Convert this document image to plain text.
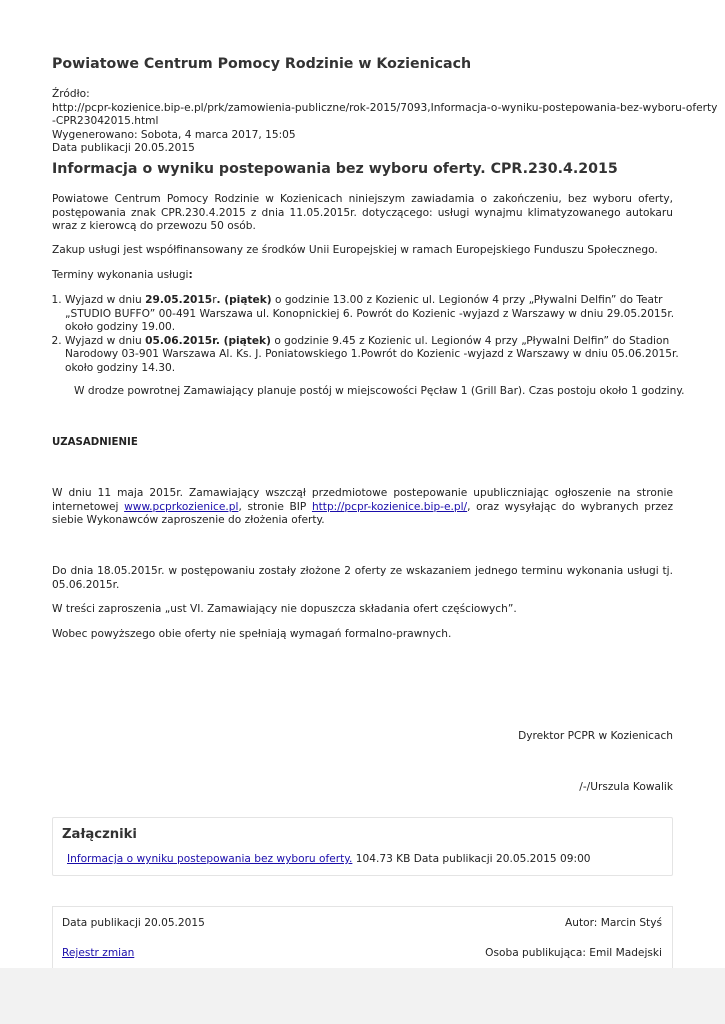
Powiatowe Centrum Pomocy Rodzinie w Kozienicach
Źródło:
http://pcpr-kozienice.bip-e.pl/prk/zamowienia-publiczne/rok-2015/7093,Informacja-o-wyniku-postepowania-bez-wyboru-oferty
-CPR23042015.html
Wygenerowano: Sobota, 4 marca 2017, 15:05
Data publikacji 20.05.2015
Informacja o wyniku postepowania bez wyboru oferty. CPR.230.4.2015

Powiatowe Centrum Pomocy Rodzinie w Kozienicach niniejszym zawiadamia o zakończeniu, bez wyboru oferty, postępowania znak CPR.230.4.2015 z dnia 11.05.2015r. dotyczącego: usługi wynajmu klimatyzowanego autokaru wraz z kierowcą do przewozu 50 osób.

Zakup usługi jest współfinansowany ze środków Unii Europejskiej w ramach Europejskiego Funduszu Społecznego.

Terminy wykonania usługi:

1. Wyjazd w dniu 29.05.2015r. (piątek) o godzinie 13.00 z Kozienic ul. Legionów 4 przy „Pływalni Delfin” do Teatr „STUDIO BUFFO” 00-491 Warszawa ul. Konopnickiej 6. Powrót do Kozienic -wyjazd z Warszawy w dniu 29.05.2015r. około godziny 19.00.
2. Wyjazd w dniu 05.06.2015r. (piątek) o godzinie 9.45 z Kozienic ul. Legionów 4 przy „Pływalni Delfin” do Stadion Narodowy 03-901 Warszawa Al. Ks. J. Poniatowskiego 1.Powrót do Kozienic -wyjazd z Warszawy w dniu 05.06.2015r. około godziny 14.30.

W drodze powrotnej Zamawiający planuje postój w miejscowości Pęcław 1 (Grill Bar). Czas postoju około 1 godziny.

UZASADNIENIE

W dniu 11 maja 2015r. Zamawiający wszczął przedmiotowe postepowanie upubliczniając ogłoszenie na stronie internetowej www.pcprkozienice.pl, stronie BIP http://pcpr-kozienice.bip-e.pl/, oraz wysyłając do wybranych przez siebie Wykonawców zaproszenie do złożenia oferty.

Do dnia 18.05.2015r. w postępowaniu zostały złożone 2 oferty ze wskazaniem jednego terminu wykonania usługi tj. 05.06.2015r.

W treści zaproszenia „ust VI. Zamawiający nie dopuszcza składania ofert częściowych”.

Wobec powyższego obie oferty nie spełniają wymagań formalno-prawnych.

Dyrektor PCPR w Kozienicach

/-/Urszula Kowalik

Załączniki
Informacja o wyniku postepowania bez wyboru oferty. 104.73 KB Data publikacji 20.05.2015 09:00
Data publikacji 20.05.2015	Autor: Marcin Styś
Rejestr zmian	Osoba publikująca: Emil Madejski
